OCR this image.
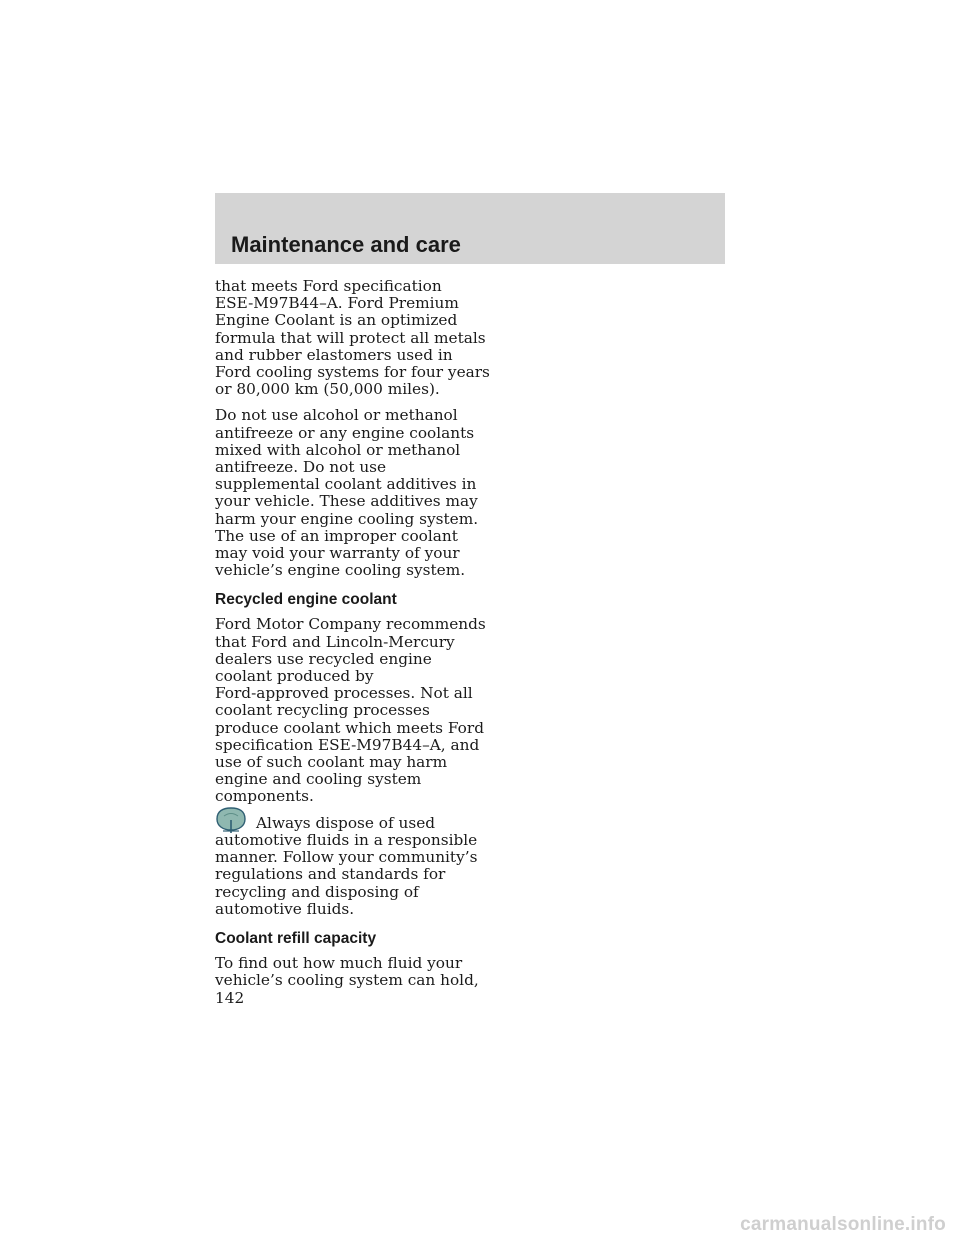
Maintenance and care

that meets Ford specification
ESE-M97B44–A. Ford Premium
Engine Coolant is an optimized
formula that will protect all metals
and rubber elastomers used in
Ford cooling systems for four years
or 80,000 km (50,000 miles).

Do not use alcohol or methanol
antifreeze or any engine coolants
mixed with alcohol or methanol
antifreeze. Do not use
supplemental coolant additives in
your vehicle. These additives may
harm your engine cooling system.
The use of an improper coolant
may void your warranty of your
vehicle’s engine cooling system.

Recycled engine coolant

Ford Motor Company recommends
that Ford and Lincoln-Mercury
dealers use recycled engine
coolant produced by
Ford-approved processes. Not all
coolant recycling processes
produce coolant which meets Ford
specification ESE-M97B44–A, and
use of such coolant may harm
engine and cooling system
components.

Always dispose of used
automotive fluids in a responsible
manner. Follow your community’s
regulations and standards for
recycling and disposing of
automotive fluids.
Coolant refill capacity

To find out how much fluid your
vehicle’s cooling system can hold,

142
carmanualsonline.info
